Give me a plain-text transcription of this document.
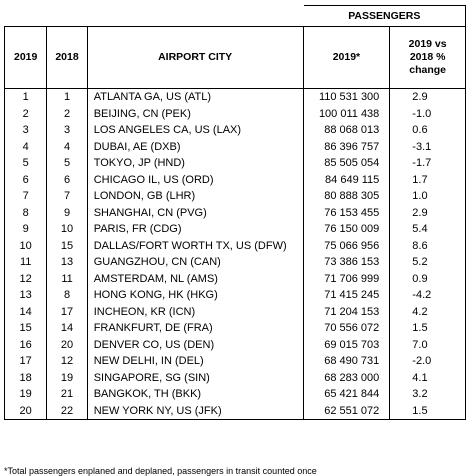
			PASSENGERS	
2019	2018	AIRPORT CITY	2019*	2019 vs 2018 % change
1	1	ATLANTA GA, US (ATL)	110 531 300	2.9
2	2	BEIJING, CN (PEK)	100 011 438	-1.0
3	3	LOS ANGELES CA, US (LAX)	88 068 013	0.6
4	4	DUBAI, AE (DXB)	86 396 757	-3.1
5	5	TOKYO, JP (HND)	85 505 054	-1.7
6	6	CHICAGO IL, US (ORD)	84 649 115	1.7
7	7	LONDON, GB (LHR)	80 888 305	1.0
8	9	SHANGHAI, CN (PVG)	76 153 455	2.9
9	10	PARIS, FR (CDG)	76 150 009	5.4
10	15	DALLAS/FORT WORTH TX, US (DFW)	75 066 956	8.6
11	13	GUANGZHOU, CN (CAN)	73 386 153	5.2
12	11	AMSTERDAM, NL (AMS)	71 706 999	0.9
13	8	HONG KONG, HK (HKG)	71 415 245	-4.2
14	17	INCHEON, KR (ICN)	71 204 153	4.2
15	14	FRANKFURT, DE (FRA)	70 556 072	1.5
16	20	DENVER CO, US (DEN)	69 015 703	7.0
17	12	NEW DELHI, IN (DEL)	68 490 731	-2.0
18	19	SINGAPORE, SG (SIN)	68 283 000	4.1
19	21	BANGKOK, TH (BKK)	65 421 844	3.2
20	22	NEW YORK NY, US (JFK)	62 551 072	1.5
*Total passengers enplaned and deplaned, passengers in transit counted once
